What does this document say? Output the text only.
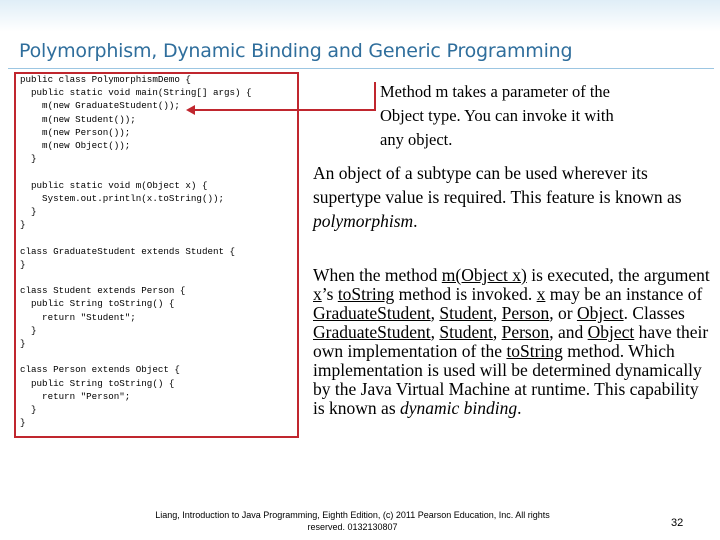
Polymorphism, Dynamic Binding and Generic Programming
public class PolymorphismDemo {
public static void main(String[] args) {
m(new GraduateStudent());
m(new Student());
m(new Person());
m(new Object());
}

public static void m(Object x) {
System.out.println(x.toString());
}
}

class GraduateStudent extends Student {
}

class Student extends Person {
public String toString() {
return "Student";
}
}

class Person extends Object {
public String toString() {
return "Person";
}
}
Method m takes a parameter of the Object type. You can invoke it with any object.
An object of a subtype can be used wherever its supertype value is required. This feature is known as polymorphism.
When the method m(Object x) is executed, the argument x’s toString method is invoked. x may be an instance of GraduateStudent, Student, Person, or Object. Classes GraduateStudent, Student, Person, and Object have their own implementation of the toString method. Which implementation is used will be determined dynamically by the Java Virtual Machine at runtime. This capability is known as dynamic binding.
Liang, Introduction to Java Programming, Eighth Edition, (c) 2011 Pearson Education, Inc. All rights reserved. 0132130807	32
